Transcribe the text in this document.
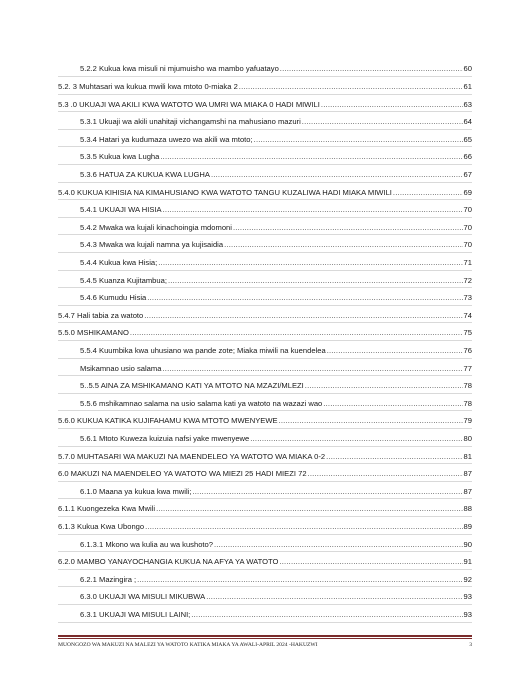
5.2.2 Kukua kwa misuli ni mjumuisho wa mambo yafuatayo .....	60
5.2. 3 Muhtasari wa kukua mwili kwa mtoto 0-miaka 2 .....	61
5.3 .0 UKUAJI WA AKILI KWA WATOTO WA UMRI WA MIAKA 0 HADI MIWILI .....	63
5.3.1 Ukuaji wa akili unahitaji vichangamshi na mahusiano mazuri .....	64
5.3.4 Hatari ya kudumaza uwezo wa akili wa mtoto; .....	65
5.3.5 Kukua kwa Lugha .....	66
5.3.6 HATUA ZA KUKUA KWA LUGHA .....	67
5.4.0 KUKUA KIHISIA NA KIMAHUSIANO KWA WATOTO TANGU KUZALIWA HADI MIAKA MIWILI .....	69
5.4.1 UKUAJI WA HISIA .....	70
5.4.2 Mwaka wa kujali kinachoingia mdomoni .....	70
5.4.3 Mwaka wa kujali namna ya kujisaidia .....	70
5.4.4 Kukua kwa Hisia; .....	71
5.4.5 Kuanza Kujitambua; .....	72
5.4.6 Kumudu Hisia .....	73
5.4.7 Hali tabia za watoto .....	74
5.5.0 MSHIKAMANO .....	75
5.5.4 Kuumbika kwa uhusiano wa pande zote; Miaka miwili na kuendelea .....	76
Msikamnao usio salama .....	77
5..5.5 AINA ZA MSHIKAMANO KATI YA MTOTO NA MZAZI/MLEZI .....	78
5.5.6 mshikamnao salama na usio salama kati ya watoto na wazazi wao .....	78
5.6.0 KUKUA KATIKA KUJIFAHAMU KWA MTOTO MWENYEWE .....	79
5.6.1 Mtoto Kuweza kuizuia nafsi yake mwenyewe .....	80
5.7.0 MUHTASARI WA MAKUZI NA MAENDELEO YA WATOTO WA MIAKA 0-2 .....	81
6.0 MAKUZI NA MAENDELEO YA WATOTO WA MIEZI 25 HADI MIEZI 72 .....	87
6.1.0 Maana ya kukua kwa mwili; .....	87
6.1.1 Kuongezeka Kwa Mwili .....	88
6.1.3 Kukua Kwa Ubongo .....	89
6.1.3.1 Mkono wa kulia au wa kushoto? .....	90
6.2.0 MAMBO YANAYOCHANGIA KUKUA NA AFYA YA WATOTO .....	91
6.2.1 Mazingira ; .....	92
6.3.0 UKUAJI WA MISULI MIKUBWA .....	93
6.3.1 UKUAJI WA MISULI LAINI; .....	93
MUONGOZO WA MAKUZI NA MALEZI YA WATOTO KATIKA MIAKA YA AWALI-APRIL 2024 -HAKUZWI	3
